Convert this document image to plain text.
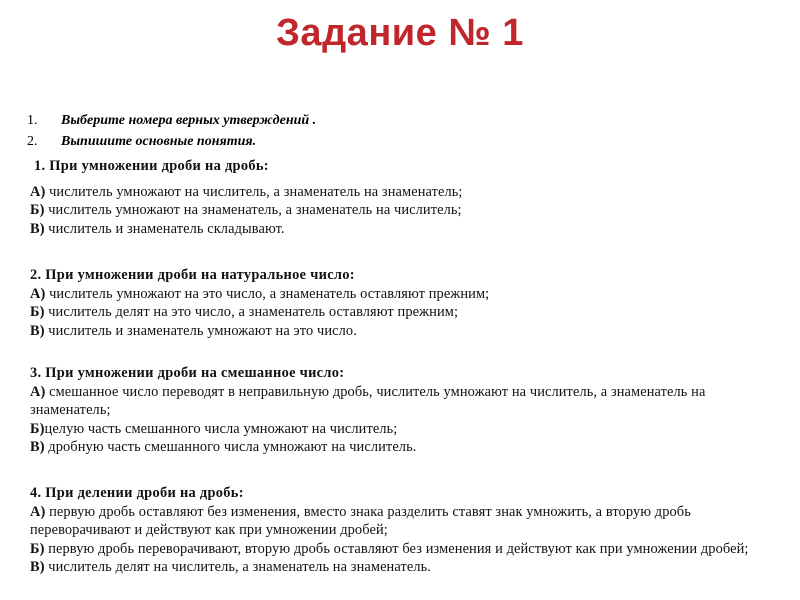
Задание № 1
1.	Выберите номера верных утверждений .
2.	Выпишите основные понятия.
1. При умножении дроби на дробь:
А) числитель умножают на числитель, а знаменатель на знаменатель;
Б) числитель умножают на знаменатель, а знаменатель на числитель;
В) числитель и знаменатель складывают.
2. При умножении дроби на натуральное число:
А) числитель умножают на это число, а знаменатель оставляют прежним;
Б) числитель делят на это число, а знаменатель оставляют прежним;
В) числитель и знаменатель умножают на это число.
3. При умножении дроби на смешанное число:
А) смешанное число переводят в неправильную дробь, числитель умножают на числитель, а знаменатель на знаменатель;
Б)целую часть смешанного числа умножают на числитель;
В) дробную часть смешанного числа умножают на числитель.
4. При делении дроби на дробь:
А) первую дробь оставляют без изменения, вместо знака разделить ставят знак умножить, а вторую дробь переворачивают и действуют как при умножении дробей;
Б) первую дробь переворачивают, вторую дробь оставляют без изменения и действуют как при умножении дробей;
В) числитель делят на числитель, а знаменатель на знаменатель.
